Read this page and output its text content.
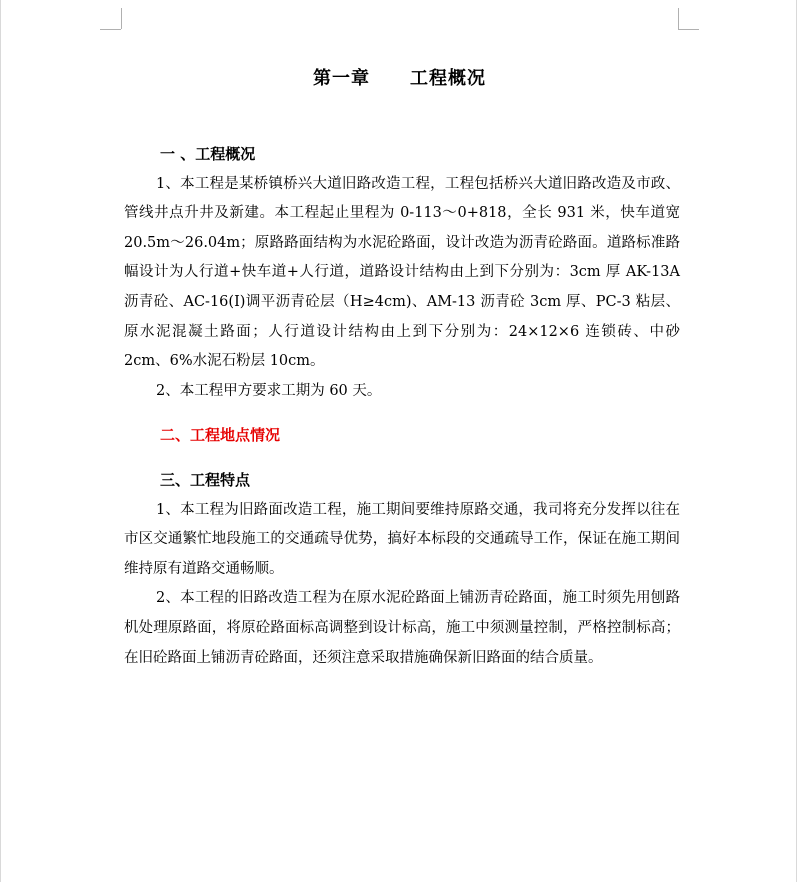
第一章 工程概况

一 、工程概况

1、本工程是某桥镇桥兴大道旧路改造工程，工程包括桥兴大道旧路改造及市政、管线井点升井及新建。本工程起止里程为 0-113～0+818，全长 931 米，快车道宽 20.5m～26.04m；原路路面结构为水泥砼路面，设计改造为沥青砼路面。道路标准路幅设计为人行道+快车道+人行道，道路设计结构由上到下分别为：3cm 厚 AK-13A 沥青砼、AC-16(I)调平沥青砼层（H≥4cm)、AM-13 沥青砼 3cm 厚、PC-3 粘层、原水泥混凝土路面；人行道设计结构由上到下分别为：24×12×6 连锁砖、中砂 2cm、6%水泥石粉层 10cm。

2、本工程甲方要求工期为 60 天。

二、工程地点情况

三、工程特点

1、本工程为旧路面改造工程，施工期间要维持原路交通，我司将充分发挥以往在市区交通繁忙地段施工的交通疏导优势，搞好本标段的交通疏导工作，保证在施工期间维持原有道路交通畅顺。

2、本工程的旧路改造工程为在原水泥砼路面上铺沥青砼路面，施工时须先用刨路机处理原路面，将原砼路面标高调整到设计标高，施工中须测量控制，严格控制标高；在旧砼路面上铺沥青砼路面，还须注意采取措施确保新旧路面的结合质量。
